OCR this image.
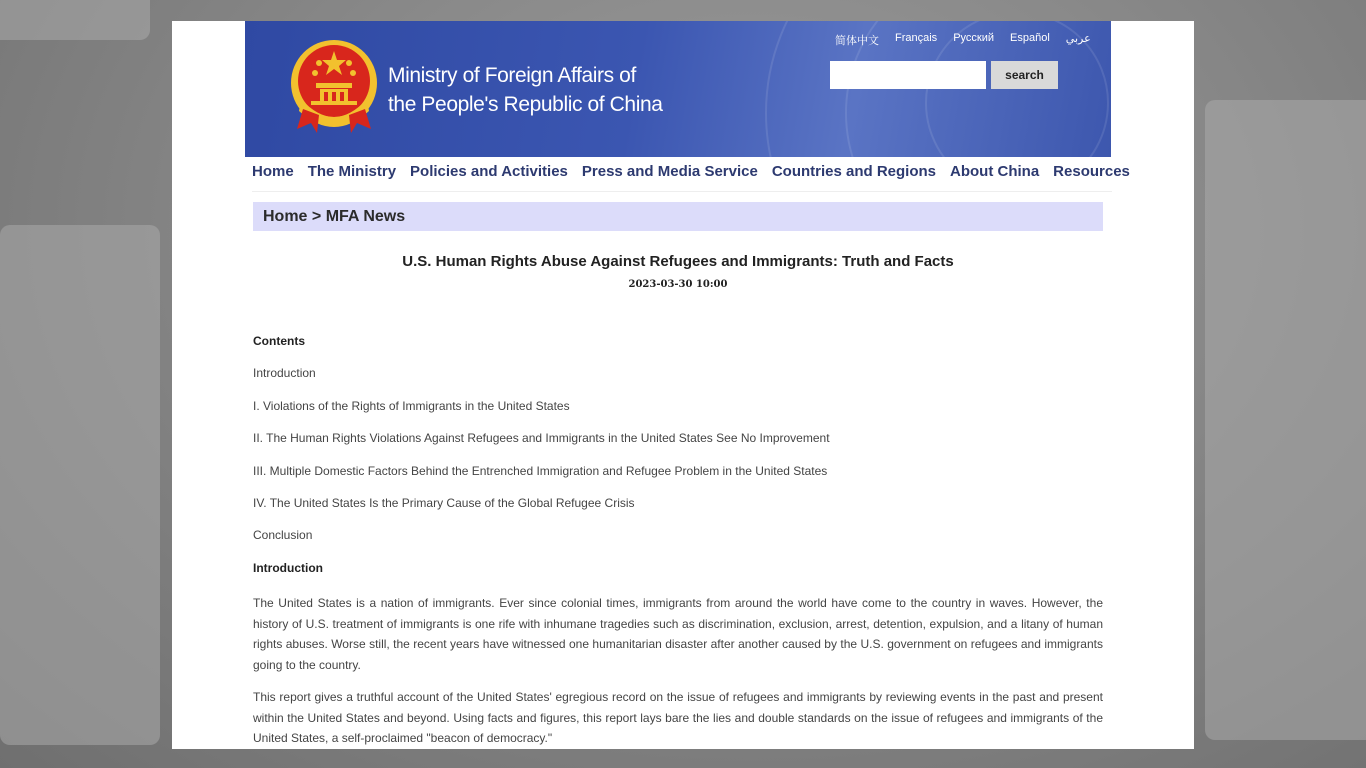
Ministry of Foreign Affairs of
the People's Republic of China
简体中文 Français Русский Español عربي
search
Home The Ministry Policies and Activities Press and Media Service Countries and Regions About China Resources
Home > MFA News
U.S. Human Rights Abuse Against Refugees and Immigrants: Truth and Facts
2023-03-30 10:00
Contents
Introduction
I. Violations of the Rights of Immigrants in the United States
II. The Human Rights Violations Against Refugees and Immigrants in the United States See No Improvement
III. Multiple Domestic Factors Behind the Entrenched Immigration and Refugee Problem in the United States
IV. The United States Is the Primary Cause of the Global Refugee Crisis
Conclusion
Introduction

The United States is a nation of immigrants. Ever since colonial times, immigrants from around the world have come to the country in waves. However, the history of U.S. treatment of immigrants is one rife with inhumane tragedies such as discrimination, exclusion, arrest, detention, expulsion, and a litany of human rights abuses. Worse still, the recent years have witnessed one humanitarian disaster after another caused by the U.S. government on refugees and immigrants going to the country.

This report gives a truthful account of the United States' egregious record on the issue of refugees and immigrants by reviewing events in the past and present within the United States and beyond. Using facts and figures, this report lays bare the lies and double standards on the issue of refugees and immigrants of the United States, a self-proclaimed "beacon of democracy."
